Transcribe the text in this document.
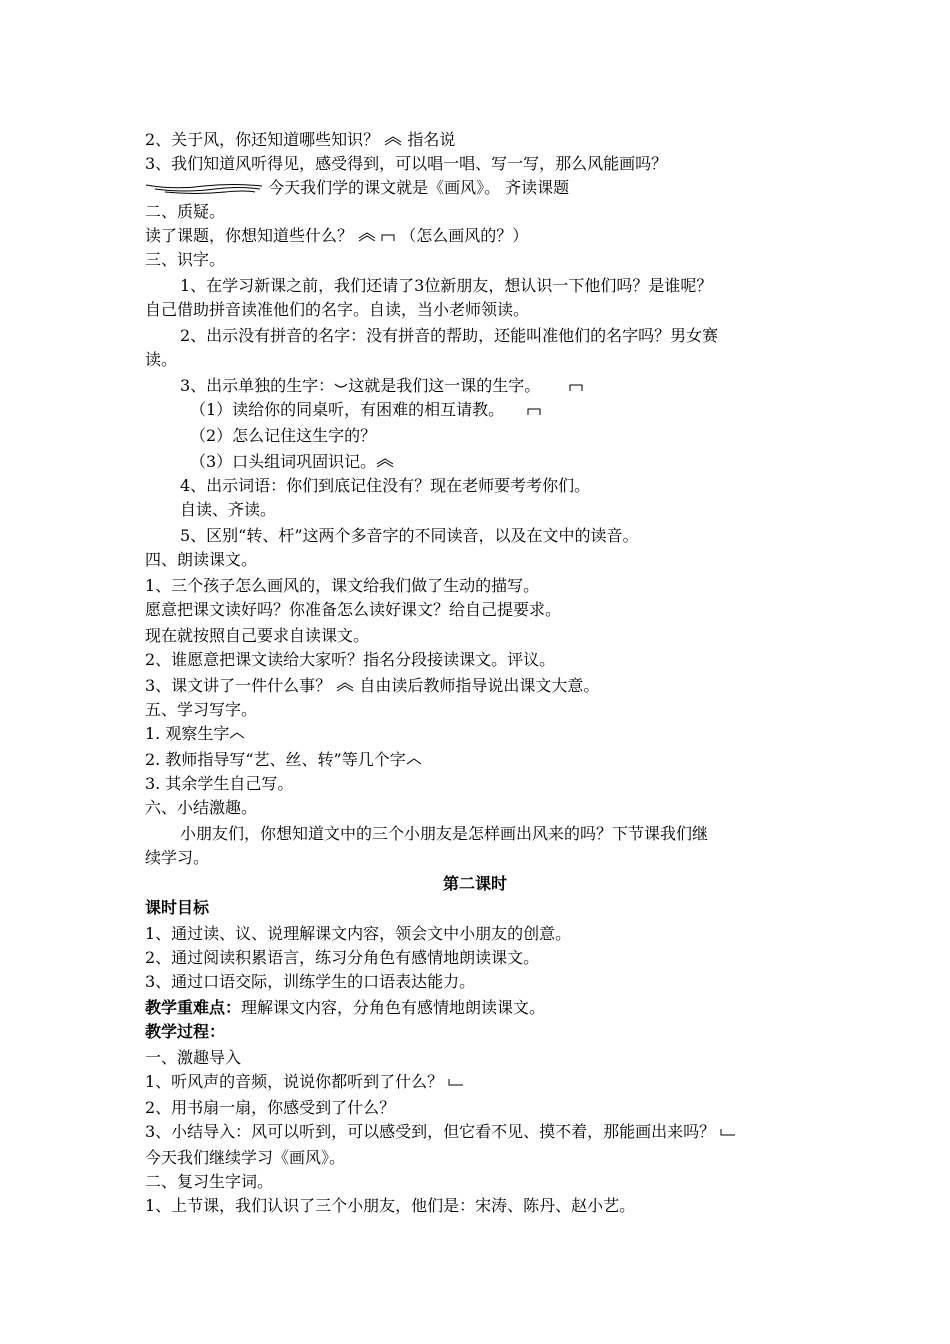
2、关于风，你还知道哪些知识？ 指名说
3、我们知道风听得见，感受得到，可以唱一唱、写一写，那么风能画吗？
今天我们学的课文就是《画风》。 齐读课题
二、质疑。
读了课题，你想知道些什么？
	（怎么画风的？）
三、识字。
1、在学习新课之前，我们还请了3位新朋友，想认识一下他们吗？是谁呢？
自己借助拼音读准他们的名字。自读，当小老师领读。
2、出示没有拼音的名字：没有拼音的帮助，还能叫准他们的名字吗？男女赛
读。
3、出示单独的生字： 这就是我们这一课的生字。
（1）读给你的同桌听，有困难的相互请教。
（2）怎么记住这生字的？
（3）口头组词巩固识记。
4、出示词语：你们到底记住没有？现在老师要考考你们。
自读、齐读。
5、区别“转、杆”这两个多音字的不同读音，以及在文中的读音。
四、朗读课文。
1、三个孩子怎么画风的，课文给我们做了生动的描写。
愿意把课文读好吗？你准备怎么读好课文？给自己提要求。
现在就按照自己要求自读课文。
2、谁愿意把课文读给大家听？指名分段接读课文。评议。
3、课文讲了一件什么事？ 自由读后教师指导说出课文大意。
五、学习写字。
1. 观察生字
2. 教师指导写“艺、丝、转”等几个字
3. 其余学生自己写。
六、小结激趣。
小朋友们，你想知道文中的三个小朋友是怎样画出风来的吗？下节课我们继
续学习。
第二课时
课时目标
1、通过读、议、说理解课文内容，领会文中小朋友的创意。
2、通过阅读积累语言，练习分角色有感情地朗读课文。
3、通过口语交际，训练学生的口语表达能力。
教学重难点：理解课文内容，分角色有感情地朗读课文。
教学过程：
一、激趣导入
1、听风声的音频，说说你都听到了什么？
2、用书扇一扇，你感受到了什么？
3、小结导入：风可以听到，可以感受到，但它看不见、摸不着，那能画出来吗？
今天我们继续学习《画风》。
二、复习生字词。
1、上节课，我们认识了三个小朋友，他们是：宋涛、陈丹、赵小艺。
